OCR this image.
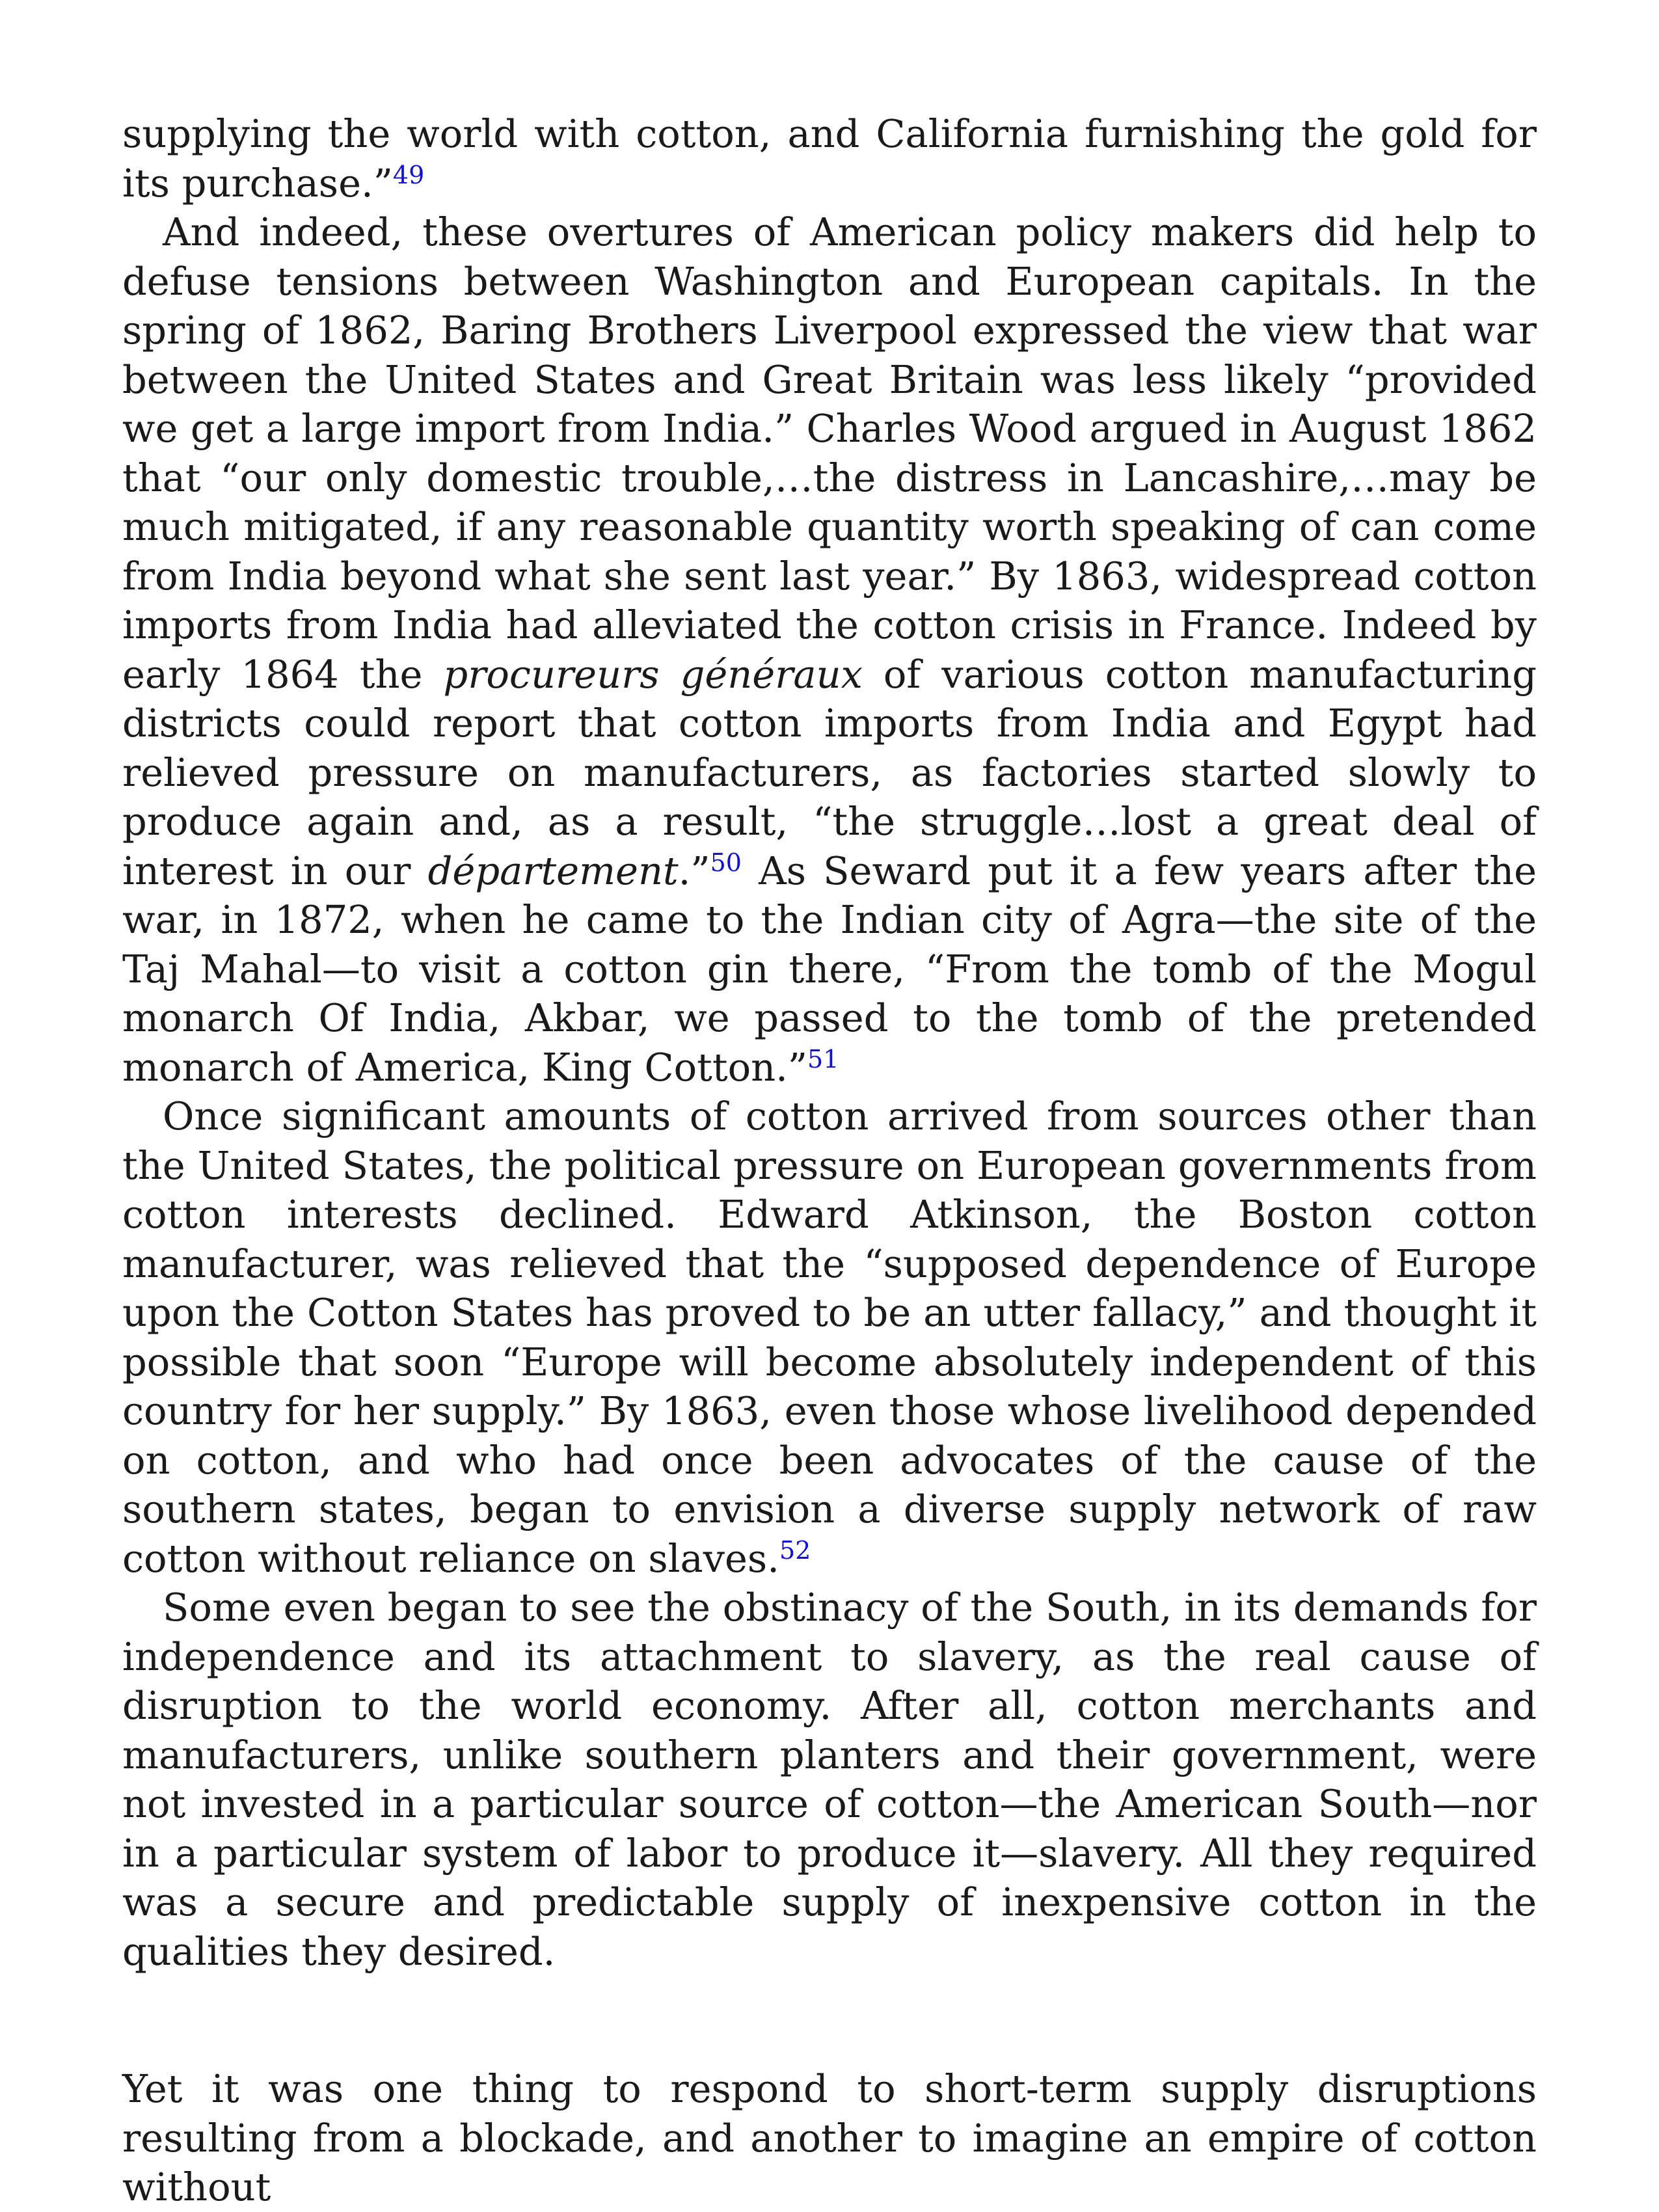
supplying the world with cotton, and California furnishing the gold for its purchase.”$^{49}$

And indeed, these overtures of American policy makers did help to defuse tensions between Washington and European capitals. In the spring of 1862, Baring Brothers Liverpool expressed the view that war between the United States and Great Britain was less likely “provided we get a large import from India.” Charles Wood argued in August 1862 that “our only domestic trouble,…the distress in Lancashire,…may be much mitigated, if any reasonable quantity worth speaking of can come from India beyond what she sent last year.” By 1863, widespread cotton imports from India had alleviated the cotton crisis in France. Indeed by early 1864 the procureurs généraux of various cotton manufacturing districts could report that cotton imports from India and Egypt had relieved pressure on manufacturers, as factories started slowly to produce again and, as a result, “the struggle…lost a great deal of interest in our département.”$^{50}$ As Seward put it a few years after the war, in 1872, when he came to the Indian city of Agra—the site of the Taj Mahal—to visit a cotton gin there, “From the tomb of the Mogul monarch Of India, Akbar, we passed to the tomb of the pretended monarch of America, King Cotton.”$^{51}$

Once significant amounts of cotton arrived from sources other than the United States, the political pressure on European governments from cotton interests declined. Edward Atkinson, the Boston cotton manufacturer, was relieved that the “supposed dependence of Europe upon the Cotton States has proved to be an utter fallacy,” and thought it possible that soon “Europe will become absolutely independent of this country for her supply.” By 1863, even those whose livelihood depended on cotton, and who had once been advocates of the cause of the southern states, began to envision a diverse supply network of raw cotton without reliance on slaves.$^{52}$

Some even began to see the obstinacy of the South, in its demands for independence and its attachment to slavery, as the real cause of disruption to the world economy. After all, cotton merchants and manufacturers, unlike southern planters and their government, were not invested in a particular source of cotton—the American South—nor in a particular system of labor to produce it—slavery. All they required was a secure and predictable supply of inexpensive cotton in the qualities they desired.

Yet it was one thing to respond to short-term supply disruptions resulting from a blockade, and another to imagine an empire of cotton without
